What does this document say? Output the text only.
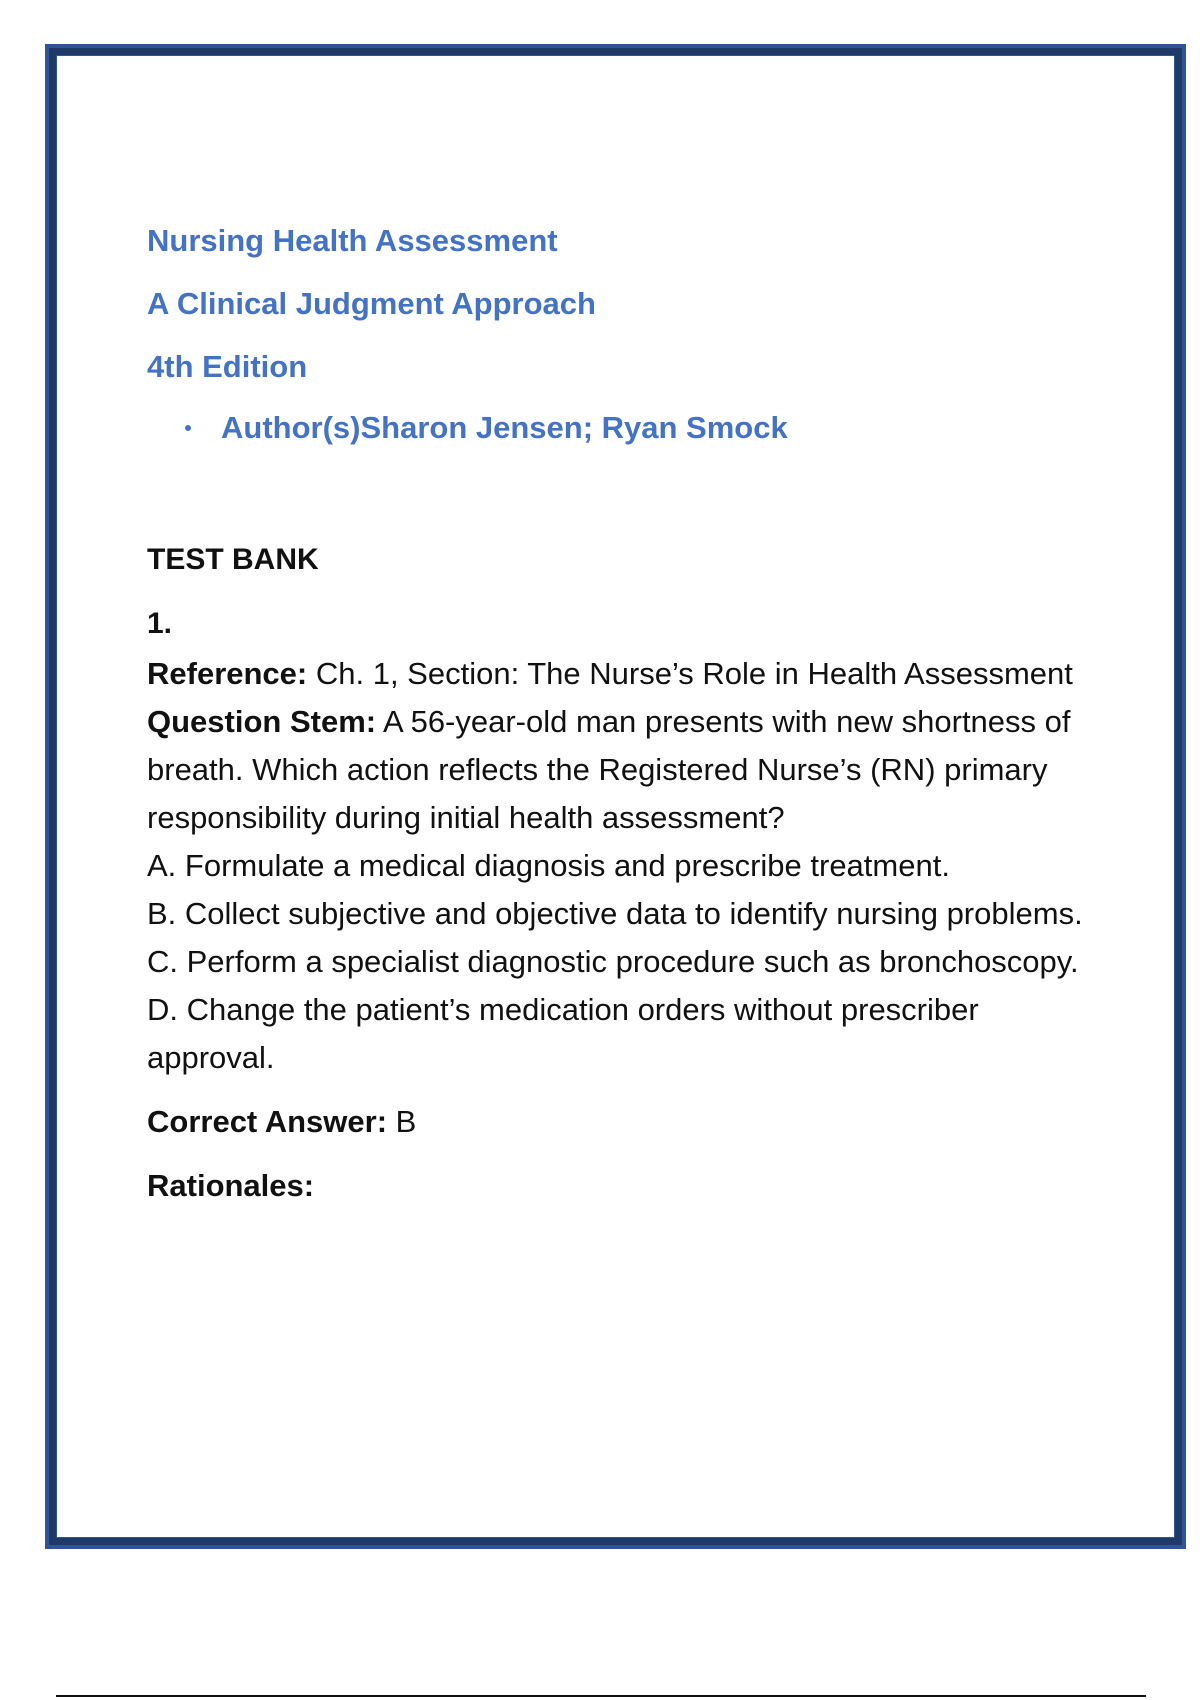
Nursing Health Assessment
A Clinical Judgment Approach
4th Edition
Author(s)Sharon Jensen; Ryan Smock
TEST BANK
1.

Reference: Ch. 1, Section: The Nurse’s Role in Health Assessment

Question Stem: A 56-year-old man presents with new shortness of breath. Which action reflects the Registered Nurse’s (RN) primary responsibility during initial health assessment?

A. Formulate a medical diagnosis and prescribe treatment.

B. Collect subjective and objective data to identify nursing problems.

C. Perform a specialist diagnostic procedure such as bronchoscopy.

D. Change the patient’s medication orders without prescriber approval.

Correct Answer: B
Rationales:
